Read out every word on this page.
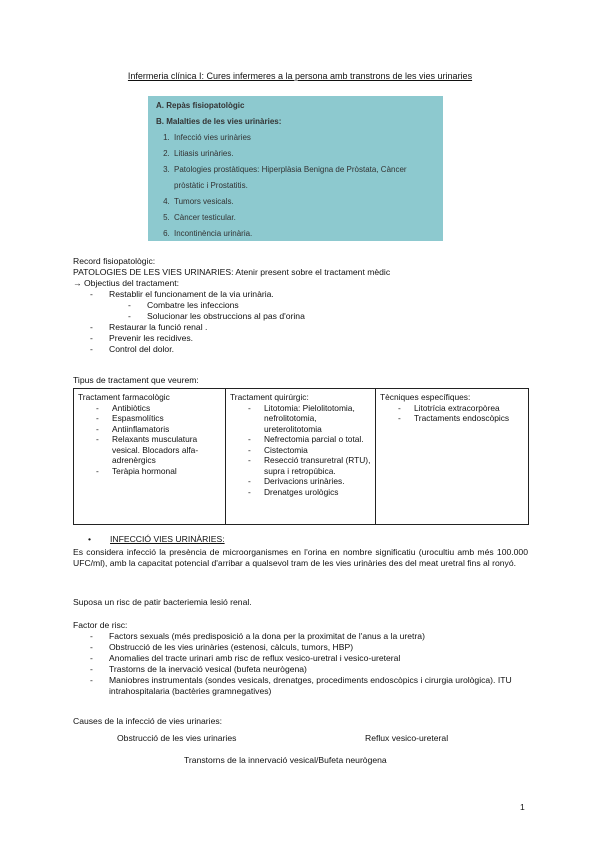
Infermeria clínica I: Cures infermeres a la persona amb transtrons de les vies urinaries

A. Repàs fisiopatològic

B. Malalties de les vies urinàries:

1. Infecció vies urinàries
2. Litiasis urinàries.
3. Patologies prostàtiques: Hiperplàsia Benigna de Pròstata, Càncer pròstàtic i Prostatitis.
4. Tumors vesicals.
5. Càncer testicular.
6. Incontinència urinària.
Record fisiopatològic:
PATOLOGIES DE LES VIES URINARIES: Atenir present sobre el tractament mèdic
→ Objectius del tractament:
- Restablir el funcionament de la via urinària.
- Combatre les infeccions
- Solucionar les obstruccions al pas d'orina
- Restaurar la funció renal .
- Prevenir les recidives.
- Control del dolor.
Tipus de tractament que veurem:
Tractament farmacològic
- Antibiòtics
- Espasmolítics
- Antiinflamatoris
- Relaxants musculatura vesical. Blocadors alfa-adrenèrgics
- Teràpia hormonal

Tractament quirúrgic:
- Litotomia: Pielolitotomia, nefrolitotomia, ureterolitotomia
- Nefrectomia parcial o total.
- Cistectomia
- Resecció transuretral (RTU), supra i retropúbica.
- Derivacions urinàries.
- Drenatges urològics

Tècniques específiques:
- Litotrícia extracorpòrea
- Tractaments endoscòpics
• INFECCIÓ VIES URINÀRIES:
Es considera infecció la presència de microorganismes en l'orina en nombre significatiu (urocultiu amb més 100.000 UFC/ml), amb la capacitat potencial d'arribar a qualsevol tram de les vies urinàries des del meat uretral fins al ronyó.
Suposa un risc de patir bacteriemia lesió renal.
Factor de risc:
- Factors sexuals (més predisposició a la dona per la proximitat de l'anus a la uretra)
- Obstrucció de les vies urinàries (estenosi, càlculs, tumors, HBP)
- Anomalies del tracte urinari amb risc de reflux vesico-uretral i vesico-ureteral
- Trastorns de la inervació vesical (bufeta neurògena)
- Maniobres instrumentals (sondes vesicals, drenatges, procediments endoscòpics i cirurgia urològica). ITU intrahospitalaria (bactèries gramnegatives)
Causes de la infecció de vies urinaries:
Obstrucció de les vies urinaries	Reflux vesico-ureteral
Transtorns de la innervació vesical/Bufeta neurògena
1
